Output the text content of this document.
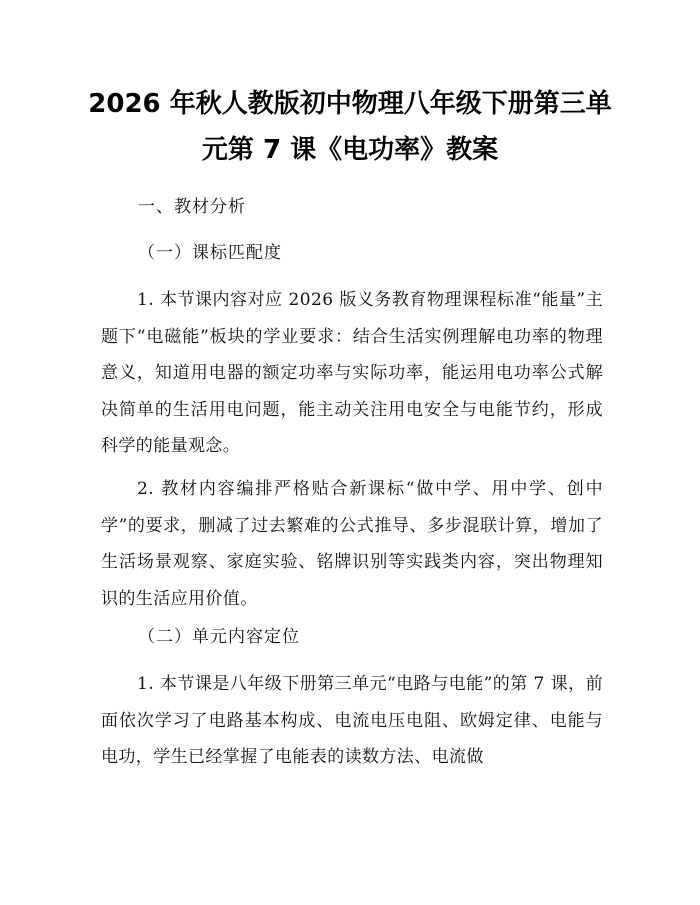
2026 年秋人教版初中物理八年级下册第三单
元第 7 课《电功率》教案
一、教材分析
（一）课标匹配度
1. 本节课内容对应 2026 版义务教育物理课程标准“能量”主题下“电磁能”板块的学业要求：结合生活实例理解电功率的物理意义，知道用电器的额定功率与实际功率，能运用电功率公式解决简单的生活用电问题，能主动关注用电安全与电能节约，形成科学的能量观念。
2. 教材内容编排严格贴合新课标“做中学、用中学、创中学”的要求，删减了过去繁难的公式推导、多步混联计算，增加了生活场景观察、家庭实验、铭牌识别等实践类内容，突出物理知识的生活应用价值。
（二）单元内容定位
1. 本节课是八年级下册第三单元“电路与电能”的第 7 课，前面依次学习了电路基本构成、电流电压电阻、欧姆定律、电能与电功，学生已经掌握了电能表的读数方法、电流做
